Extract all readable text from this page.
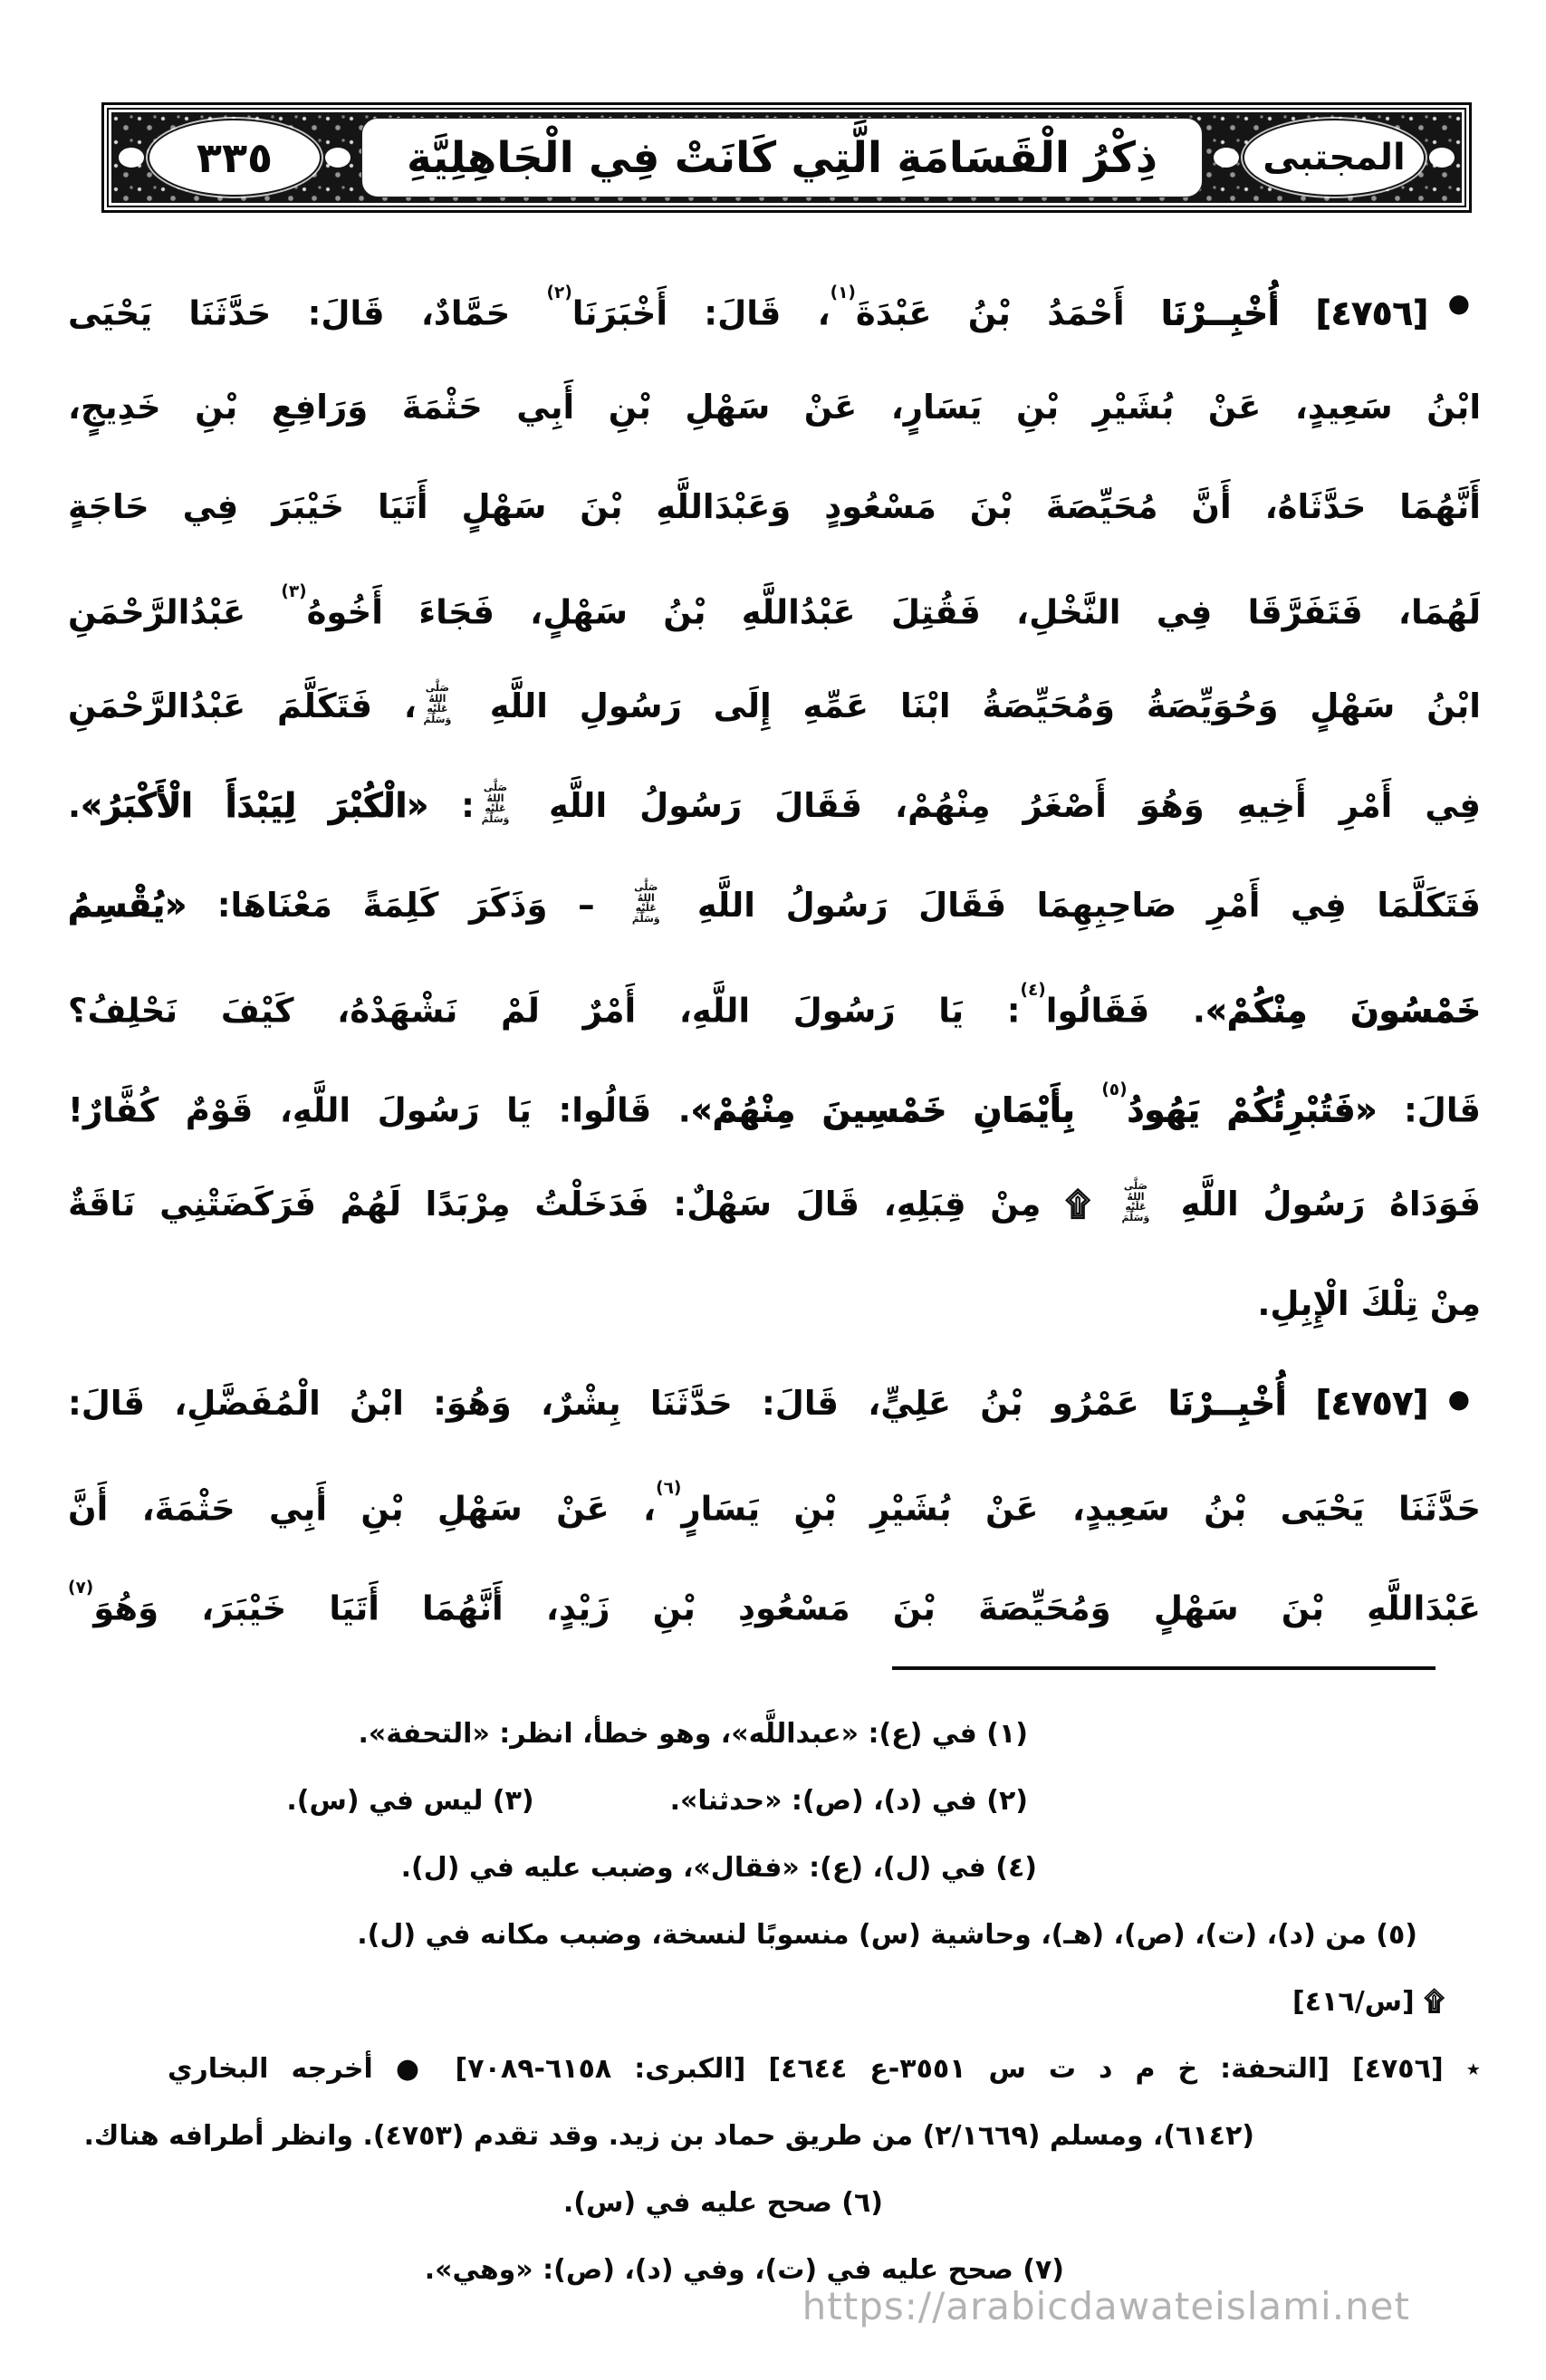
٣٣٥	ذِكْرُ الْقَسَامَةِ الَّتِي كَانَتْ فِي الْجَاهِلِيَّةِ	المجتبى
●
[٤٧٥٦] أُخْبِــرْنَا أَحْمَدُ بْنُ عَبْدَةَ$^{(١)}$، قَالَ: أَخْبَرَنَا$^{(٢)}$ حَمَّادٌ، قَالَ: حَدَّثَنَا يَحْيَى
ابْنُ سَعِيدٍ، عَنْ بُشَيْرِ بْنِ يَسَارٍ، عَنْ سَهْلِ بْنِ أَبِي حَثْمَةَ وَرَافِعِ بْنِ خَدِيجٍ،
أَنَّهُمَا حَدَّثَاهُ، أَنَّ مُحَيِّصَةَ بْنَ مَسْعُودٍ وَعَبْدَاللَّهِ بْنَ سَهْلٍ أَتَيَا خَيْبَرَ فِي حَاجَةٍ
لَهُمَا، فَتَفَرَّقَا فِي النَّخْلِ، فَقُتِلَ عَبْدُاللَّهِ بْنُ سَهْلٍ، فَجَاءَ أَخُوهُ$^{(٣)}$ عَبْدُالرَّحْمَنِ
ابْنُ سَهْلٍ وَحُوَيِّصَةُ وَمُحَيِّصَةُ ابْنَا عَمِّهِ إِلَى رَسُولِ اللَّهِ صَلَّى اللهُ عَلَيْهِ وَسَلَّمَ، فَتَكَلَّمَ عَبْدُالرَّحْمَنِ
فِي أَمْرِ أَخِيهِ وَهُوَ أَصْغَرُ مِنْهُمْ، فَقَالَ رَسُولُ اللَّهِ صَلَّى اللهُ عَلَيْهِ وَسَلَّمَ: «الْكُبْرَ لِيَبْدَأَ الْأَكْبَرُ».
فَتَكَلَّمَا فِي أَمْرِ صَاحِبِهِمَا فَقَالَ رَسُولُ اللَّهِ صَلَّى اللهُ عَلَيْهِ وَسَلَّمَ – وَذَكَرَ كَلِمَةً مَعْنَاهَا: «يُقْسِمُ
خَمْسُونَ مِنْكُمْ». فَقَالُوا$^{(٤)}$: يَا رَسُولَ اللَّهِ، أَمْرٌ لَمْ نَشْهَدْهُ، كَيْفَ نَحْلِفُ؟
قَالَ: «فَتُبْرِئُكُمْ يَهُودُ$^{(٥)}$ بِأَيْمَانِ خَمْسِينَ مِنْهُمْ». قَالُوا: يَا رَسُولَ اللَّهِ، قَوْمٌ كُفَّارٌ!
فَوَدَاهُ رَسُولُ اللَّهِ صَلَّى اللهُ عَلَيْهِ وَسَلَّمَ ۩ مِنْ قِبَلِهِ، قَالَ سَهْلٌ: فَدَخَلْتُ مِرْبَدًا لَهُمْ فَرَكَضَتْنِي نَاقَةٌ
مِنْ تِلْكَ الْإِبِلِ.
●
[٤٧٥٧] أُخْبِــرْنَا عَمْرُو بْنُ عَلِيٍّ، قَالَ: حَدَّثَنَا بِشْرٌ، وَهُوَ: ابْنُ الْمُفَضَّلِ، قَالَ:
حَدَّثَنَا يَحْيَى بْنُ سَعِيدٍ، عَنْ بُشَيْرِ بْنِ يَسَارٍ$^{(٦)}$، عَنْ سَهْلِ بْنِ أَبِي حَثْمَةَ، أَنَّ
عَبْدَاللَّهِ بْنَ سَهْلٍ وَمُحَيِّصَةَ بْنَ مَسْعُودِ بْنِ زَيْدٍ، أَنَّهُمَا أَتَيَا خَيْبَرَ، وَهُوَ$^{(٧)}$
(١) في (ع): «عبداللَّه»، وهو خطأ، انظر: «التحفة».
(٢) في (د)، (ص): «حدثنا».(٣) ليس في (س).
(٤) في (ل)، (ع): «فقال»، وضبب عليه في (ل).
(٥) من (د)، (ت)، (ص)، (هـ)، وحاشية (س) منسوبًا لنسخة، وضبب مكانه في (ل).
۩ [س/٤١٦]
٭ [٤٧٥٦] [التحفة: خ م د ت س ٣٥٥١-ع ٤٦٤٤] [الكبرى: ٦١٥٨-٧٠٨٩] ● أخرجه البخاري
(٦١٤٢)، ومسلم (٢/١٦٦٩) من طريق حماد بن زيد. وقد تقدم (٤٧٥٣). وانظر أطرافه هناك.
(٦) صحح عليه في (س).
(٧) صحح عليه في (ت)، وفي (د)، (ص): «وهي».
https://arabicdawateislami.net
